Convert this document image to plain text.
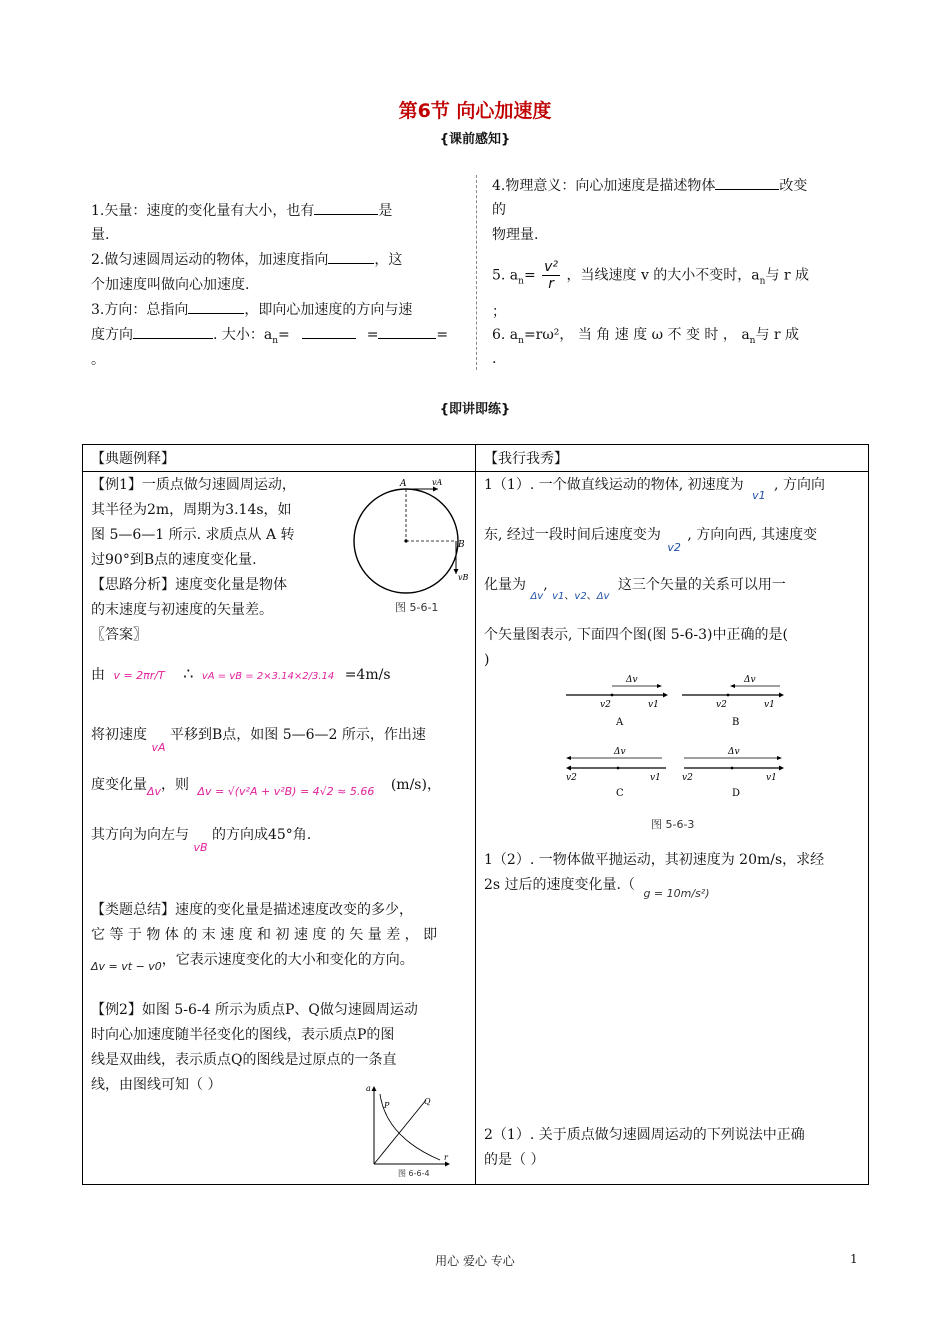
第6节 向心加速度
{课前感知}
1.矢量：速度的变化量有大小，也有	是
量.
2.做匀速圆周运动的物体，加速度指向	，这
个加速度叫做向心加速度.
3.方向：总指向	，即向心加速度的方向与速
度方向	. 大小：$a_n=$	=	=
。
4.物理意义：向心加速度是描述物体	改变
的
物理量.
5. $a_n= \frac{\text{v²}}{r}$ ，当线速度 v 的大小不变时，$a_n$与 r 成
；
6. $a_n=r\omega^2$， 当 角 速 度 ω 不 变 时 ， $a_n$与 r 成
.
{即讲即练}
【典题例释】	【我行我秀】

【例1】一质点做匀速圆周运动，
其半径为2m，周期为3.14s，如
图 5—6—1 所示. 求质点从 A 转
过90°到B点的速度变化量.
【思路分析】速度变化量是物体
的末速度与初速度的矢量差。
〖答案〗
A
B
vA
vB
图 5-6-1
由 v = 2πr/T ∴ vA = vB = 2×3.14×2/3.14 =4m/s
将初速度 $_{vA}$ 平移到B点，如图 5—6—2 所示，作出速
度变化量$_{\Delta v}$，则 $_{\Delta v = √(v^2A + v^2B) = 4√2 \approx 5.66}$ (m/s)，
其方向为向左与 $_{vB}$ 的方向成45°角.
【类题总结】速度的变化量是描述速度改变的多少，
它 等 于 物 体 的 末 速 度 和 初 速 度 的 矢 量 差 ， 即
$_{\Delta v = vt - v0}$，它表示速度变化的大小和变化的方向。
【例2】如图 5-6-4 所示为质点P、Q做匀速圆周运动
时向心加速度随半径变化的图线，表示质点P的图
线是双曲线，表示质点Q的图线是过原点的一条直
线，由图线可知（ ）	a
r
P	Q
图 6-6-4
1（1）. 一个做直线运动的物体, 初速度为 $_{v1}$ , 方向向
东, 经过一段时间后速度变为 $_{v2}$ , 方向向西, 其速度变
化量为 $_{\Delta v}$, $_{v1、v2、\Delta v}$ 这三个矢量的关系可以用一
个矢量图表示, 下面四个图(图 5-6-3)中正确的是(
)
Δv
v2	v1
A
Δv
v2	v1
B
Δv
v2	v1
C
Δv
v2	v1
D
图 5-6-3
1（2）. 一物体做平抛运动，其初速度为 20m/s，求经
2s 过后的速度变化量.（ $_{g = 10m/s^2)}$
2（1）. 关于质点做匀速圆周运动的下列说法中正确
的是（ ）
用心 爱心 专心	1
